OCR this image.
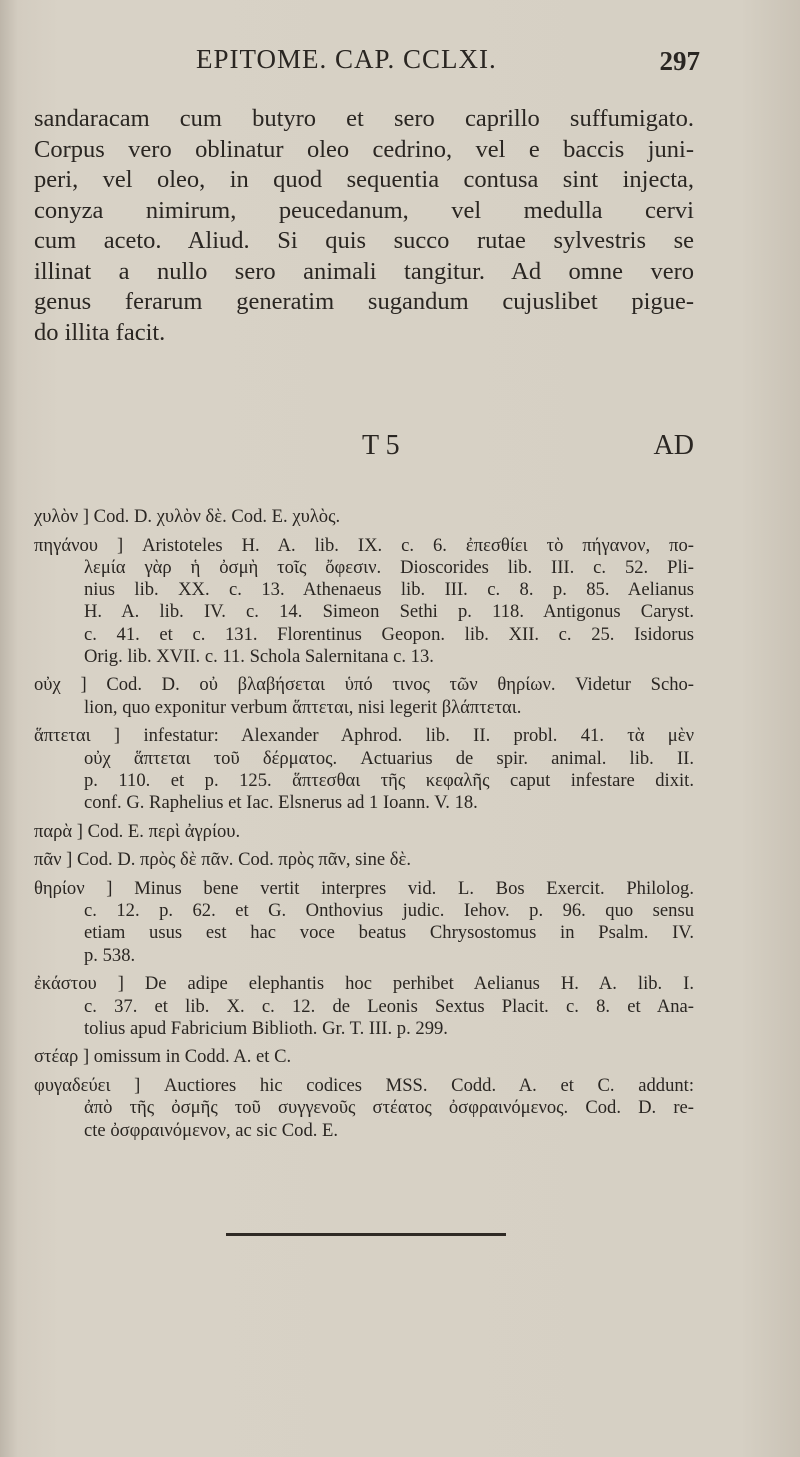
EPITOME. CAP. CCLXI.	297
sandaracam cum butyro et sero caprillo suffumigato.
Corpus vero oblinatur oleo cedrino, vel e baccis juni-
peri, vel oleo, in quod sequentia contusa sint injecta,
conyza nimirum, peucedanum, vel medulla cervi
cum aceto. Aliud. Si quis succo rutae sylvestris se
illinat a nullo sero animali tangitur. Ad omne vero
genus ferarum generatim sugandum cujuslibet pigue-
do illita facit.
T 5	AD
χυλὸν ] Cod. D. χυλὸν δὲ. Cod. E. χυλὸς.
πηγάνου ] Aristoteles H. A. lib. IX. c. 6. ἐπεσθίει τὸ πήγανον, πο-
λεμία γὰρ ἡ ὀσμὴ τοῖς ὄφεσιν. Dioscorides lib. III. c. 52. Pli-
nius lib. XX. c. 13. Athenaeus lib. III. c. 8. p. 85. Aelianus
H. A. lib. IV. c. 14. Simeon Sethi p. 118. Antigonus Caryst.
c. 41. et c. 131. Florentinus Geopon. lib. XII. c. 25. Isidorus
Orig. lib. XVII. c. 11. Schola Salernitana c. 13.
οὐχ ] Cod. D. οὐ βλαβήσεται ὑπό τινος τῶν θηρίων. Videtur Scho-
lion, quo exponitur verbum ἅπτεται, nisi legerit βλάπτεται.
ἅπτεται ] infestatur: Alexander Aphrod. lib. II. probl. 41. τὰ μὲν
οὐχ ἅπτεται τοῦ δέρματος. Actuarius de spir. animal. lib. II.
p. 110. et p. 125. ἅπτεσθαι τῆς κεφαλῆς caput infestare dixit.
conf. G. Raphelius et Iac. Elsnerus ad 1 Ioann. V. 18.
παρὰ ] Cod. E. περὶ ἀγρίου.
πᾶν ] Cod. D. πρὸς δὲ πᾶν. Cod. πρὸς πᾶν, sine δὲ.
θηρίον ] Minus bene vertit interpres vid. L. Bos Exercit. Philolog.
c. 12. p. 62. et G. Onthovius judic. Iehov. p. 96. quo sensu
etiam usus est hac voce beatus Chrysostomus in Psalm. IV.
p. 538.
ἐκάστου ] De adipe elephantis hoc perhibet Aelianus H. A. lib. I.
c. 37. et lib. X. c. 12. de Leonis Sextus Placit. c. 8. et Ana-
tolius apud Fabricium Biblioth. Gr. T. III. p. 299.
στέαρ ] omissum in Codd. A. et C.
φυγαδεύει ] Auctiores hic codices MSS. Codd. A. et C. addunt:
ἀπὸ τῆς ὀσμῆς τοῦ συγγενοῦς στέατος ὀσφραινόμενος. Cod. D. re-
cte ὀσφραινόμενον, ac sic Cod. E.
